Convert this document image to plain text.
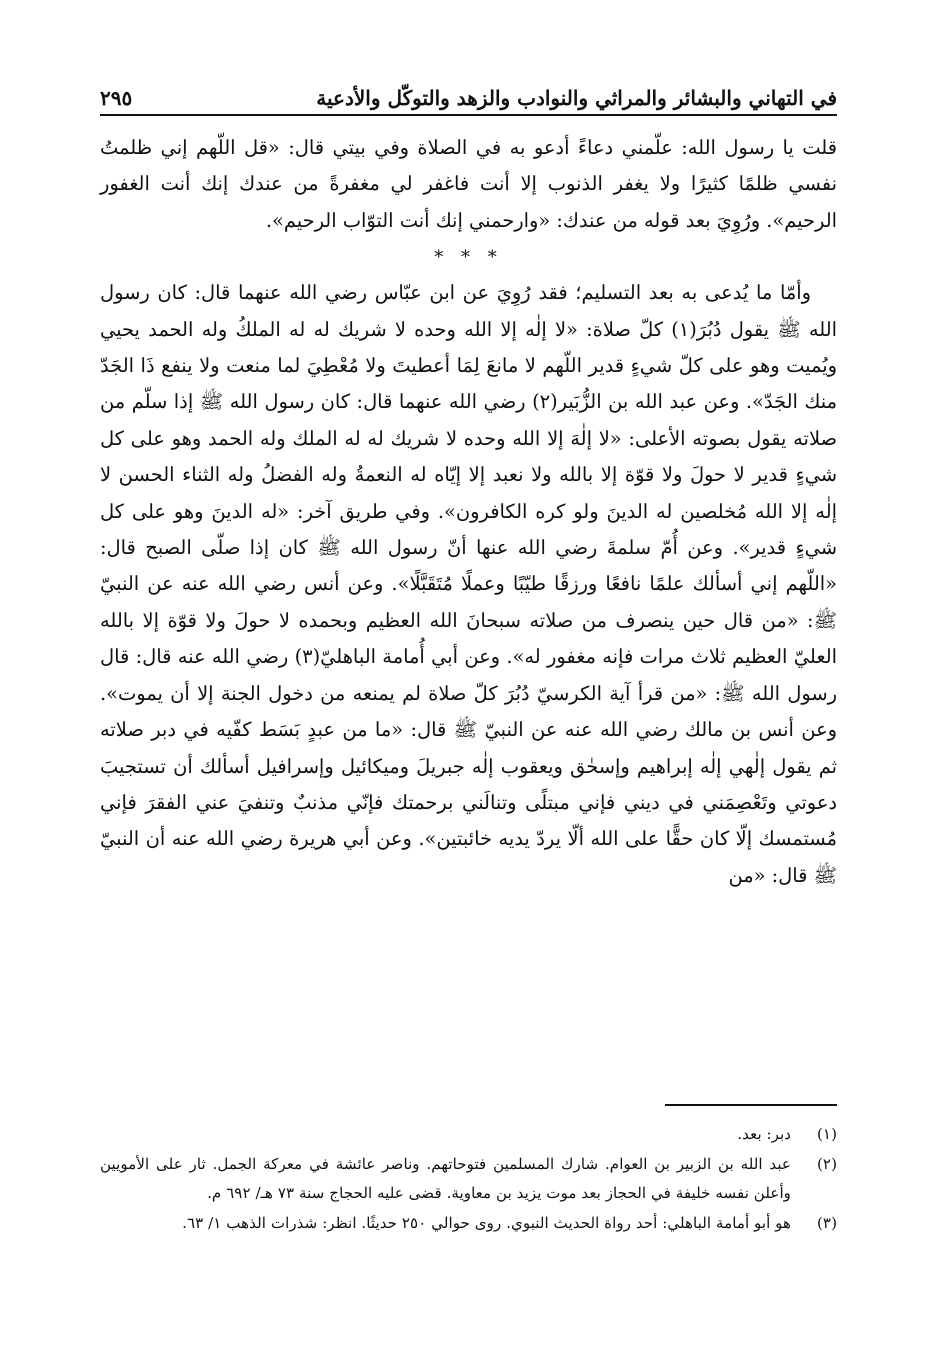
في التهاني والبشائر والمراثي والنوادب والزهد والتوكّل والأدعية
٢٩٥

قلت يا رسول الله: علّمني دعاءً أدعو به في الصلاة وفي بيتي قال: «قل اللّهم إني ظلمتُ نفسي ظلمًا كثيرًا ولا يغفر الذنوب إلا أنت فاغفر لي مغفرةً من عندك إنك أنت الغفور الرحيم». ورُوِيَ بعد قوله من عندك: «وارحمني إنك أنت التوّاب الرحيم».

* * *

وأمّا ما يُدعى به بعد التسليم؛ فقد رُوِيَ عن ابن عبّاس رضي الله عنهما قال: كان رسول الله ﷺ يقول دُبُرَ(١) كلّ صلاة: «لا إلٰه إلا الله وحده لا شريك له له الملكُ وله الحمد يحيي ويُميت وهو على كلّ شيءٍ قدير اللّهم لا مانعَ لِمَا أعطيتَ ولا مُعْطِيَ لما منعت ولا ينفع ذَا الجَدّ منك الجَدّ». وعن عبد الله بن الزُّبَير(٢) رضي الله عنهما قال: كان رسول الله ﷺ إذا سلّم من صلاته يقول بصوته الأعلى: «لا إلٰهَ إلا الله وحده لا شريك له له الملك وله الحمد وهو على كل شيءٍ قدير لا حولَ ولا قوّة إلا بالله ولا نعبد إلا إيّاه له النعمةُ وله الفضلُ وله الثناء الحسن لا إلٰه إلا الله مُخلصين له الدينَ ولو كره الكافرون». وفي طريق آخر: «له الدينَ وهو على كل شيءٍ قدير». وعن أُمّ سلمةَ رضي الله عنها أنّ رسول الله ﷺ كان إذا صلّى الصبح قال: «اللّهم إني أسألك علمًا نافعًا ورزقًا طيّبًا وعملًا مُتَقَبَّلًا». وعن أنس رضي الله عنه عن النبيّ ﷺ: «من قال حين ينصرف من صلاته سبحانَ الله العظيم وبحمده لا حولَ ولا قوّة إلا بالله العليّ العظيم ثلاث مرات فإنه مغفور له». وعن أبي أُمامة الباهليّ(٣) رضي الله عنه قال: قال رسول الله ﷺ: «من قرأ آية الكرسيّ دُبُرَ كلّ صلاة لم يمنعه من دخول الجنة إلا أن يموت». وعن أنس بن مالك رضي الله عنه عن النبيّ ﷺ قال: «ما من عبدٍ بَسَط كفّيه في دبر صلاته ثم يقول إلٰهي إلٰه إبراهيم وإسحٰق ويعقوب إلٰه جبريلَ وميكائيل وإسرافيل أسألك أن تستجيبَ دعوتي وتَعْصِمَني في ديني فإني مبتلًى وتنالَني برحمتك فإنّي مذنبٌ وتنفيَ عني الفقرَ فإني مُستمسك إلّا كان حقًّا على الله ألّا يردّ يديه خائبتين». وعن أبي هريرة رضي الله عنه أن النبيّ ﷺ قال: «من

(١)
دبر: بعد.
(٢)
عبد الله بن الزبير بن العوام. شارك المسلمين فتوحاتهم. وناصر عائشة في معركة الجمل. ثار على الأمويين وأعلن نفسه خليفة في الحجاز بعد موت يزيد بن معاوية. قضى عليه الحجاج سنة ٧٣ هـ/ ٦٩٢ م.
(٣)
هو أبو أمامة الباهلي: أحد رواة الحديث النبوي. روى حوالي ٢٥٠ حديثًا. انظر: شذرات الذهب ١/ ٦٣.
